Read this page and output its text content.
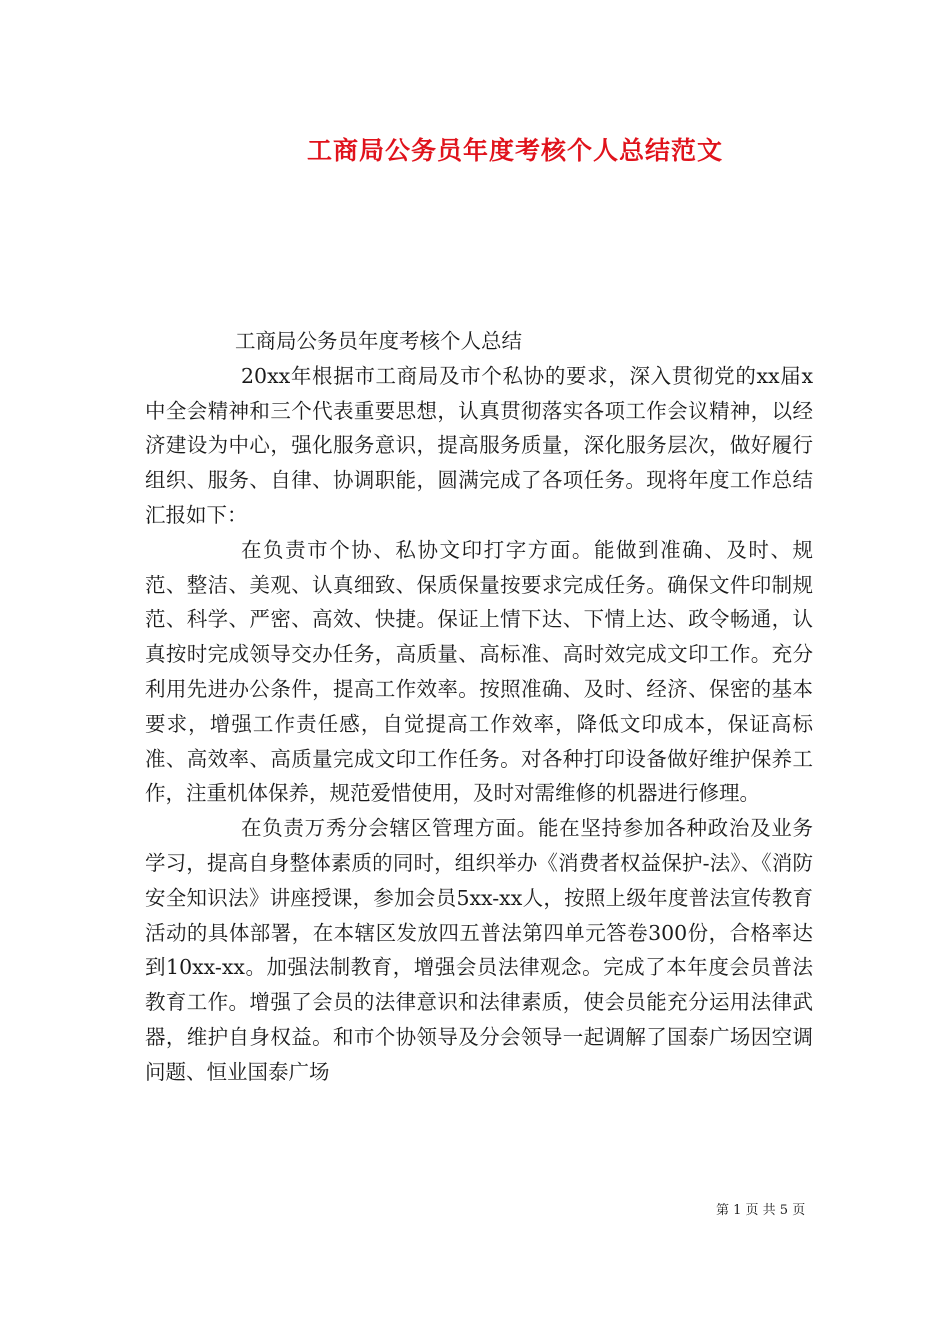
工商局公务员年度考核个人总结范文

工商局公务员年度考核个人总结

20xx年根据市工商局及市个私协的要求，深入贯彻党的xx届x中全会精神和三个代表重要思想，认真贯彻落实各项工作会议精神，以经济建设为中心，强化服务意识，提高服务质量，深化服务层次，做好履行组织、服务、自律、协调职能，圆满完成了各项任务。现将年度工作总结汇报如下：

在负责市个协、私协文印打字方面。能做到准确、及时、规范、整洁、美观、认真细致、保质保量按要求完成任务。确保文件印制规范、科学、严密、高效、快捷。保证上情下达、下情上达、政令畅通，认真按时完成领导交办任务，高质量、高标准、高时效完成文印工作。充分利用先进办公条件，提高工作效率。按照准确、及时、经济、保密的基本要求，增强工作责任感，自觉提高工作效率，降低文印成本，保证高标准、高效率、高质量完成文印工作任务。对各种打印设备做好维护保养工作，注重机体保养，规范爱惜使用，及时对需维修的机器进行修理。

在负责万秀分会辖区管理方面。能在坚持参加各种政治及业务学习，提高自身整体素质的同时，组织举办《消费者权益保护-法》、《消防安全知识法》讲座授课，参加会员5xx-xx人，按照上级年度普法宣传教育活动的具体部署，在本辖区发放四五普法第四单元答卷300份，合格率达到10xx-xx。加强法制教育，增强会员法律观念。完成了本年度会员普法教育工作。增强了会员的法律意识和法律素质，使会员能充分运用法律武器，维护自身权益。和市个协领导及分会领导一起调解了国泰广场因空调问题、恒业国泰广场

第 1 页 共 5 页
